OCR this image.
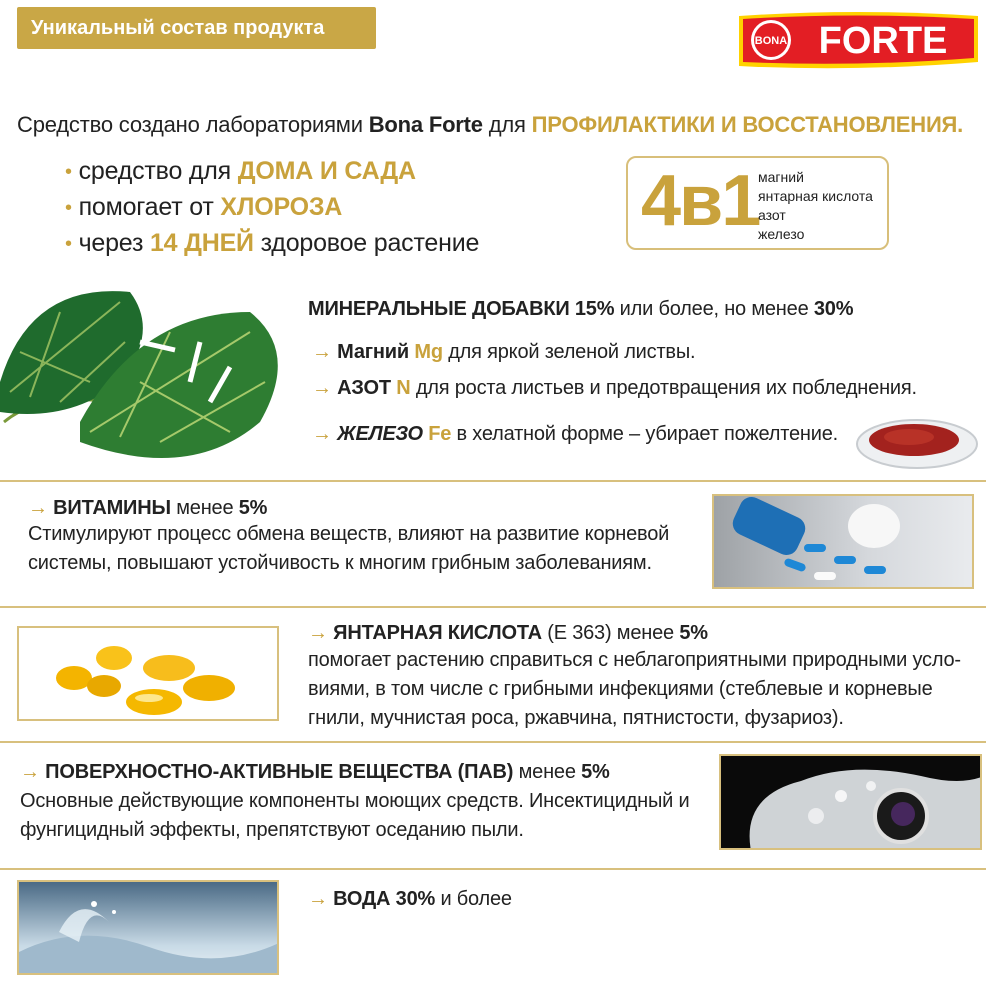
Уникальный состав продукта
BONA FORTE
Средство создано лабораториями Bona Forte для ПРОФИЛАКТИКИ И ВОССТАНОВЛЕНИЯ.
• средство для ДОМА И САДА
• помогает от ХЛОРОЗА
• через 14 ДНЕЙ здоровое растение
4в1
магний
янтарная кислота
азот
железо
МИНЕРАЛЬНЫЕ ДОБАВКИ 15% или более, но менее 30%
→ Магний Mg для яркой зеленой листвы.
→ АЗОТ N для роста листьев и предотвращения их побледнения.
→ ЖЕЛЕЗО Fe в хелатной форме – убирает пожелтение.
→ ВИТАМИНЫ менее 5%
Стимулируют процесс обмена веществ, влияют на развитие корневой системы, повышают устойчивость к многим грибным заболеваниям.
→ ЯНТАРНАЯ КИСЛОТА (Е 363) менее 5%
помогает растению справиться с неблагоприятными природными усло-виями, в том числе с грибными инфекциями (стеблевые и корневые гнили, мучнистая роса, ржавчина, пятнистости, фузариоз).
→ ПОВЕРХНОСТНО-АКТИВНЫЕ ВЕЩЕСТВА (ПАВ) менее 5%
Основные действующие компоненты моющих средств. Инсектицидный и фунгицидный эффекты, препятствуют оседанию пыли.
→ ВОДА 30% и более
